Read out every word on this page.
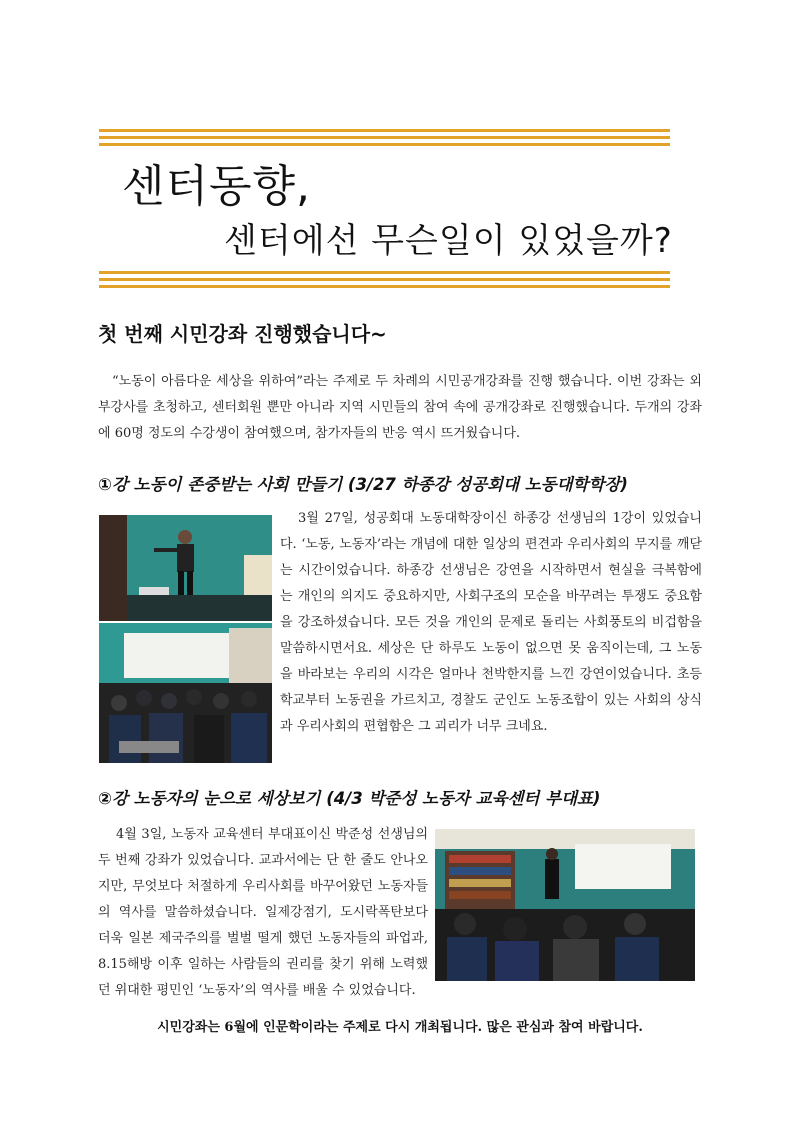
센터동향,
센터에선 무슨일이 있었을까?
첫 번째 시민강좌 진행했습니다~
“노동이 아름다운 세상을 위하여”라는 주제로 두 차례의 시민공개강좌를 진행 했습니다. 이번 강좌는 외부강사를 초청하고, 센터회원 뿐만 아니라 지역 시민들의 참여 속에 공개강좌로 진행했습니다. 두개의 강좌에 60명 정도의 수강생이 참여했으며, 참가자들의 반응 역시 뜨거웠습니다.
①강 노동이 존중받는 사회 만들기 (3/27 하종강 성공회대 노동대학학장)
3월 27일, 성공회대 노동대학장이신 하종강 선생님의 1강이 있었습니다. ‘노동, 노동자’라는 개념에 대한 일상의 편견과 우리사회의 무지를 깨닫는 시간이었습니다. 하종강 선생님은 강연을 시작하면서 현실을 극복함에는 개인의 의지도 중요하지만, 사회구조의 모순을 바꾸려는 투쟁도 중요함을 강조하셨습니다. 모든 것을 개인의 문제로 돌리는 사회풍토의 비겁함을 말씀하시면서요. 세상은 단 하루도 노동이 없으면 못 움직이는데, 그 노동을 바라보는 우리의 시각은 얼마나 천박한지를 느낀 강연이었습니다. 초등학교부터 노동권을 가르치고, 경찰도 군인도 노동조합이 있는 사회의 상식과 우리사회의 편협함은 그 괴리가 너무 크네요.
②강 노동자의 눈으로 세상보기 (4/3 박준성 노동자 교육센터 부대표)
4월 3일, 노동자 교육센터 부대표이신 박준성 선생님의 두 번째 강좌가 있었습니다. 교과서에는 단 한 줄도 안나오지만, 무엇보다 처절하게 우리사회를 바꾸어왔던 노동자들의 역사를 말씀하셨습니다. 일제강점기, 도시락폭탄보다 더욱 일본 제국주의를 벌벌 떨게 했던 노동자들의 파업과, 8.15해방 이후 일하는 사람들의 권리를 찾기 위해 노력했던 위대한 평민인 ‘노동자’의 역사를 배울 수 있었습니다.
시민강좌는 6월에 인문학이라는 주제로 다시 개최됩니다. 많은 관심과 참여 바랍니다.
